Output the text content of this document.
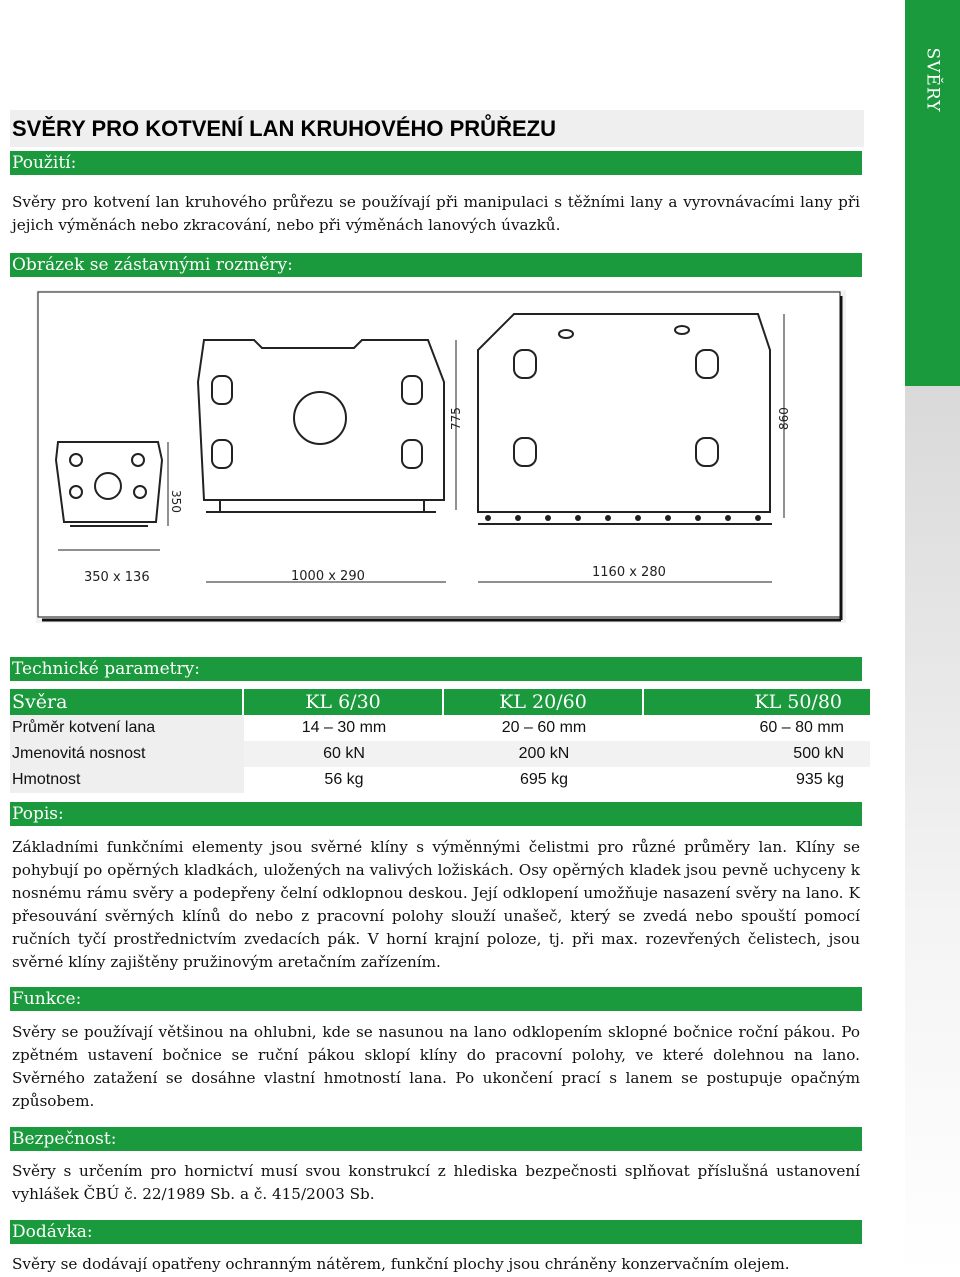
SVĚRY
SVĚRY PRO KOTVENÍ LAN KRUHOVÉHO PRŮŘEZU
Použití:

Svěry pro kotvení lan kruhového průřezu se používají při manipulaci s těžními lany a vyrovnávacími lany při jejich výměnách nebo zkracování, nebo při výměnách lanových úvazků.

Obrázek se zástavnými rozměry:
350
350 x 136
775
1000 x 290
860
1160 x 280
Technické parametry:
Svěra	KL 6/30	KL 20/60	KL 50/80
Průměr kotvení lana	14 – 30 mm	20 – 60 mm	60 – 80 mm
Jmenovitá nosnost	60 kN	200 kN	500 kN
Hmotnost	56 kg	695 kg	935 kg
Popis:

Základními funkčními elementy jsou svěrné klíny s výměnnými čelistmi pro různé průměry lan. Klíny se pohybují po opěrných kladkách, uložených na valivých ložiskách. Osy opěrných kladek jsou pevně uchyceny k nosnému rámu svěry a podepřeny čelní odklopnou deskou. Její odklopení umožňuje nasazení svěry na lano. K přesouvání svěrných klínů do nebo z pracovní polohy slouží unašeč, který se zvedá nebo spouští pomocí ručních tyčí prostřednictvím zvedacích pák. V horní krajní poloze, tj. při max. rozevřených čelistech, jsou svěrné klíny zajištěny pružinovým aretačním zařízením.

Funkce:

Svěry se používají většinou na ohlubni, kde se nasunou na lano odklopením sklopné bočnice roční pákou. Po zpětném ustavení bočnice se ruční pákou sklopí klíny do pracovní polohy, ve které dolehnou na lano. Svěrného zatažení se dosáhne vlastní hmotností lana. Po ukončení prací s lanem se postupuje opačným způsobem.

Bezpečnost:

Svěry s určením pro hornictví musí svou konstrukcí z hlediska bezpečnosti splňovat příslušná ustanovení vyhlášek ČBÚ č. 22/1989 Sb. a č. 415/2003 Sb.

Dodávka:

Svěry se dodávají opatřeny ochranným nátěrem, funkční plochy jsou chráněny konzervačním olejem.
